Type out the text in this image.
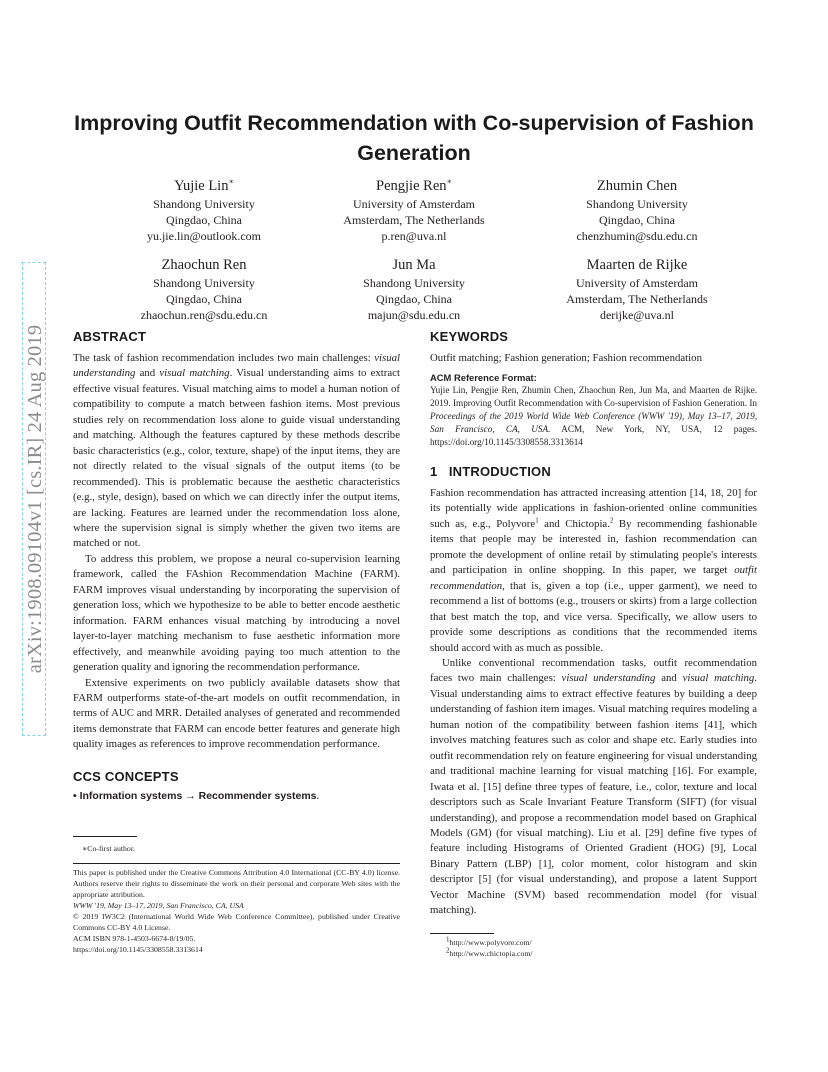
Improving Outfit Recommendation with Co-supervision of Fashion Generation
Yujie Lin∗
Shandong University
Qingdao, China
yu.jie.lin@outlook.com
Pengjie Ren∗
University of Amsterdam
Amsterdam, The Netherlands
p.ren@uva.nl
Zhumin Chen
Shandong University
Qingdao, China
chenzhumin@sdu.edu.cn
Zhaochun Ren
Shandong University
Qingdao, China
zhaochun.ren@sdu.edu.cn
Jun Ma
Shandong University
Qingdao, China
majun@sdu.edu.cn
Maarten de Rijke
University of Amsterdam
Amsterdam, The Netherlands
derijke@uva.nl
arXiv:1908.09104v1 [cs.IR] 24 Aug 2019 ABSTRACT

The task of fashion recommendation includes two main challenges: visual understanding and visual matching. Visual understanding aims to extract effective visual features. Visual matching aims to model a human notion of compatibility to compute a match between fashion items. Most previous studies rely on recommendation loss alone to guide visual understanding and matching. Although the features captured by these methods describe basic characteristics (e.g., color, texture, shape) of the input items, they are not directly related to the visual signals of the output items (to be recommended). This is problematic because the aesthetic characteristics (e.g., style, design), based on which we can directly infer the output items, are lacking. Features are learned under the recommendation loss alone, where the supervision signal is simply whether the given two items are matched or not.

To address this problem, we propose a neural co-supervision learning framework, called the FAshion Recommendation Machine (FARM). FARM improves visual understanding by incorporating the supervision of generation loss, which we hypothesize to be able to better encode aesthetic information. FARM enhances visual matching by introducing a novel layer-to-layer matching mechanism to fuse aesthetic information more effectively, and meanwhile avoiding paying too much attention to the generation quality and ignoring the recommendation performance.

Extensive experiments on two publicly available datasets show that FARM outperforms state-of-the-art models on outfit recommendation, in terms of AUC and MRR. Detailed analyses of generated and recommended items demonstrate that FARM can encode better features and generate high quality images as references to improve recommendation performance.

CCS CONCEPTS
• Information systems → Recommender systems.
∗Co-first author.
This paper is published under the Creative Commons Attribution 4.0 International (CC-BY 4.0) license. Authors reserve their rights to disseminate the work on their personal and corporate Web sites with the appropriate attribution.
WWW '19, May 13–17, 2019, San Francisco, CA, USA
© 2019 IW3C2 (International World Wide Web Conference Committee), published under Creative Commons CC-BY 4.0 License.
ACM ISBN 978-1-4503-6674-8/19/05.
https://doi.org/10.1145/3308558.3313614
KEYWORDS

Outfit matching; Fashion generation; Fashion recommendation

ACM Reference Format:

Yujie Lin, Pengjie Ren, Zhumin Chen, Zhaochun Ren, Jun Ma, and Maarten de Rijke. 2019. Improving Outfit Recommendation with Co-supervision of Fashion Generation. In Proceedings of the 2019 World Wide Web Conference (WWW '19), May 13–17, 2019, San Francisco, CA, USA. ACM, New York, NY, USA, 12 pages. https://doi.org/10.1145/3308558.3313614

1   INTRODUCTION

Fashion recommendation has attracted increasing attention [14, 18, 20] for its potentially wide applications in fashion-oriented online communities such as, e.g., Polyvore$^1$ and Chictopia.$^2$ By recommending fashionable items that people may be interested in, fashion recommendation can promote the development of online retail by stimulating people's interests and participation in online shopping. In this paper, we target outfit recommendation, that is, given a top (i.e., upper garment), we need to recommend a list of bottoms (e.g., trousers or skirts) from a large collection that best match the top, and vice versa. Specifically, we allow users to provide some descriptions as conditions that the recommended items should accord with as much as possible.

Unlike conventional recommendation tasks, outfit recommendation faces two main challenges: visual understanding and visual matching. Visual understanding aims to extract effective features by building a deep understanding of fashion item images. Visual matching requires modeling a human notion of the compatibility between fashion items [41], which involves matching features such as color and shape etc. Early studies into outfit recommendation rely on feature engineering for visual understanding and traditional machine learning for visual matching [16]. For example, Iwata et al. [15] define three types of feature, i.e., color, texture and local descriptors such as Scale Invariant Feature Transform (SIFT) (for visual understanding), and propose a recommendation model based on Graphical Models (GM) (for visual matching). Liu et al. [29] define five types of feature including Histograms of Oriented Gradient (HOG) [9], Local Binary Pattern (LBP) [1], color moment, color histogram and skin descriptor [5] (for visual understanding), and propose a latent Support Vector Machine (SVM) based recommendation model (for visual matching).

$^1$http://www.polyvore.com/
$^2$http://www.chictopia.com/
